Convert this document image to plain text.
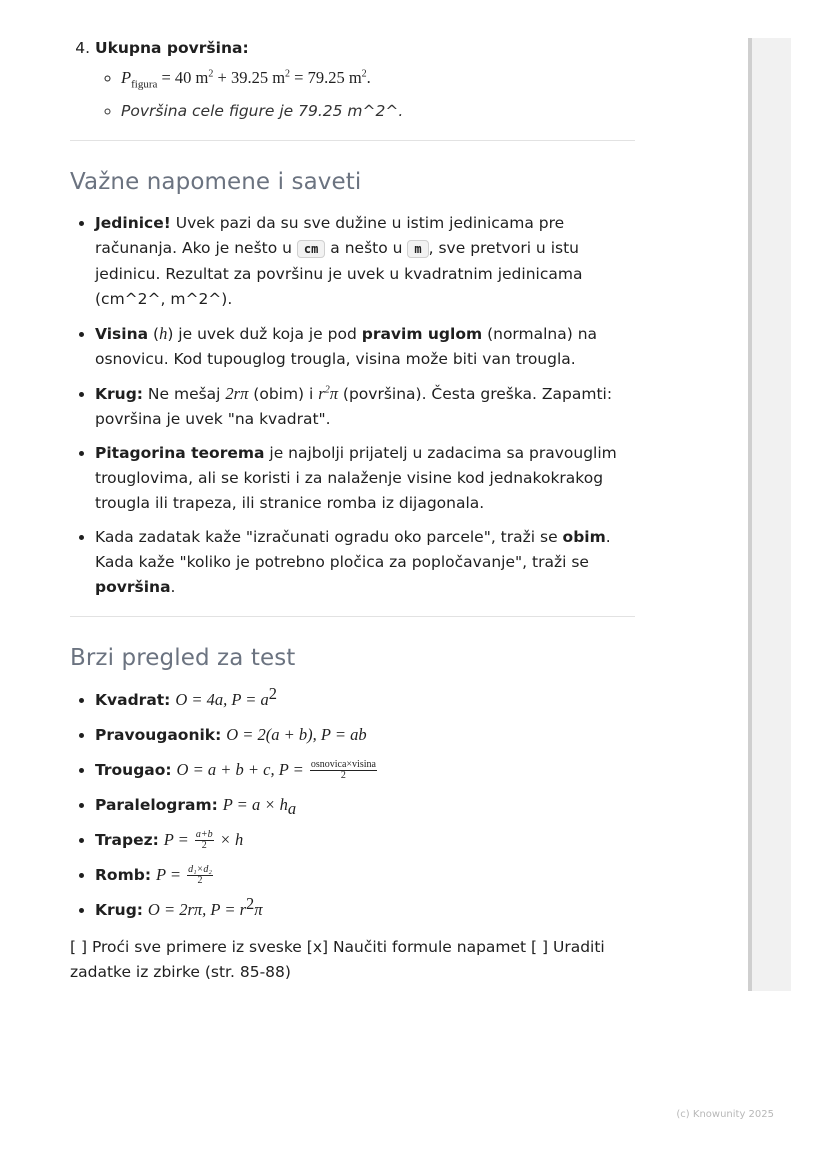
4. Ukupna površina:
◦ $P_{figura} = 40$ $m^2 + 39.25$ $m^2 = 79.25$ $m^2$.
◦ Površina cele figure je 79.25 m^2^.
Važne napomene i saveti
• Jedinice! Uvek pazi da su sve dužine u istim jedinicama pre računanja. Ako je nešto u cm a nešto u m , sve pretvori u istu jedinicu. Rezultat za površinu je uvek u kvadratnim jedinicama (cm^2^, m^2^).
• Visina (h) je uvek duž koja je pod pravim uglom (normalna) na osnovicu. Kod tupouglog trougla, visina može biti van trougla.
• Krug: Ne mešaj 2rπ (obim) i $r^2\pi$ (površina). Česta greška. Zapamti: površina je uvek "na kvadrat".
• Pitagorina teorema je najbolji prijatelj u zadacima sa pravouglim trouglovima, ali se koristi i za nalaženje visine kod jednakokrakog trougla ili trapeza, ili stranice romba iz dijagonala.
• Kada zadatak kaže "izračunati ogradu oko parcele", traži se obim. Kada kaže "koliko je potrebno pločica za popločavanje", traži se površina.
Brzi pregled za test
• Kvadrat: O = 4a, $P = a^2$
• Pravougaonik: O = 2(a + b), P = ab
• Trougao: O = a + b + c, $P = \frac{\text{osnovica×visina}}{2}$
• Paralelogram: $P = a \times h_a$
• Trapez: $P = \frac{a+b}{2} \times h$
• Romb: $P = \frac{\text{d₁×d₂}}{2}$
• Krug: O = 2rπ, $P = r^2\pi$

[ ] Proći sve primere iz sveske [x] Naučiti formule napamet [ ] Uraditi zadatke iz zbirke (str. 85-88)

(c) Knowunity 2025
